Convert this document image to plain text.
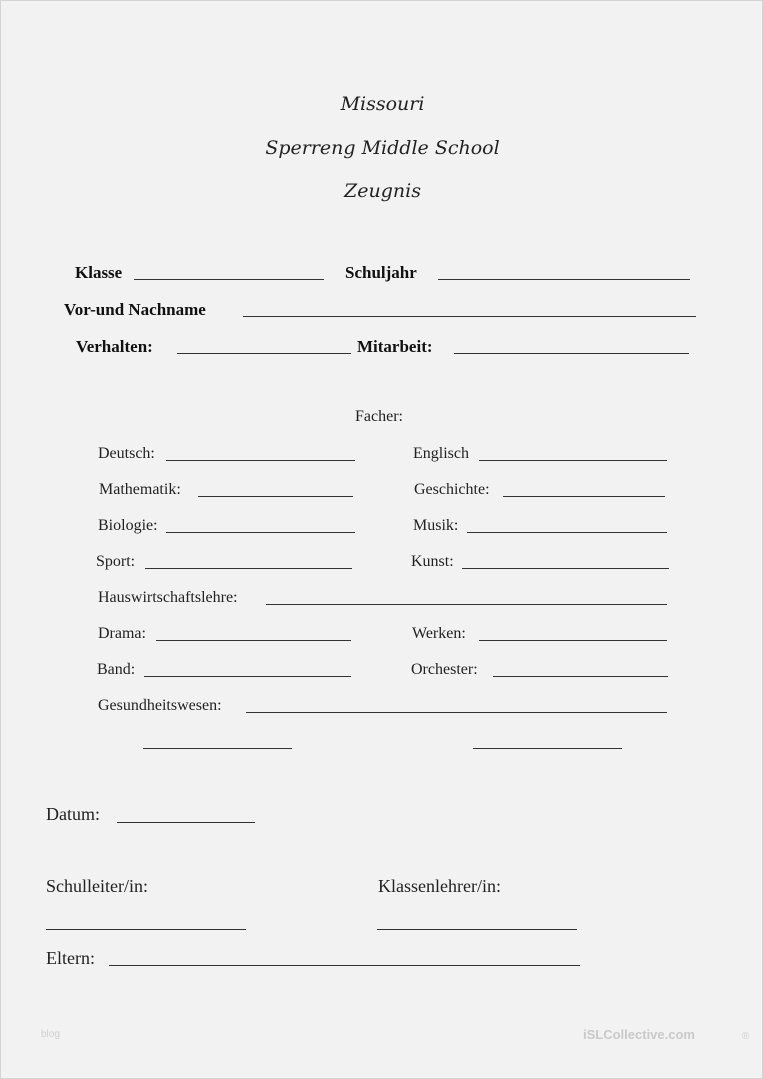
Missouri
Sperreng Middle School
Zeugnis
Klasse	Schuljahr
Vor-und Nachname
Verhalten:	Mitarbeit:
Facher:
Deutsch:	Englisch
Mathematik:	Geschichte:
Biologie:	Musik:
Sport:	Kunst:
Hauswirtschaftslehre:
Drama:	Werken:
Band:	Orchester:
Gesundheitswesen:
Datum:
Schulleiter/in:	Klassenlehrer/in:
Eltern:
blog	iSLCollective.com	®
